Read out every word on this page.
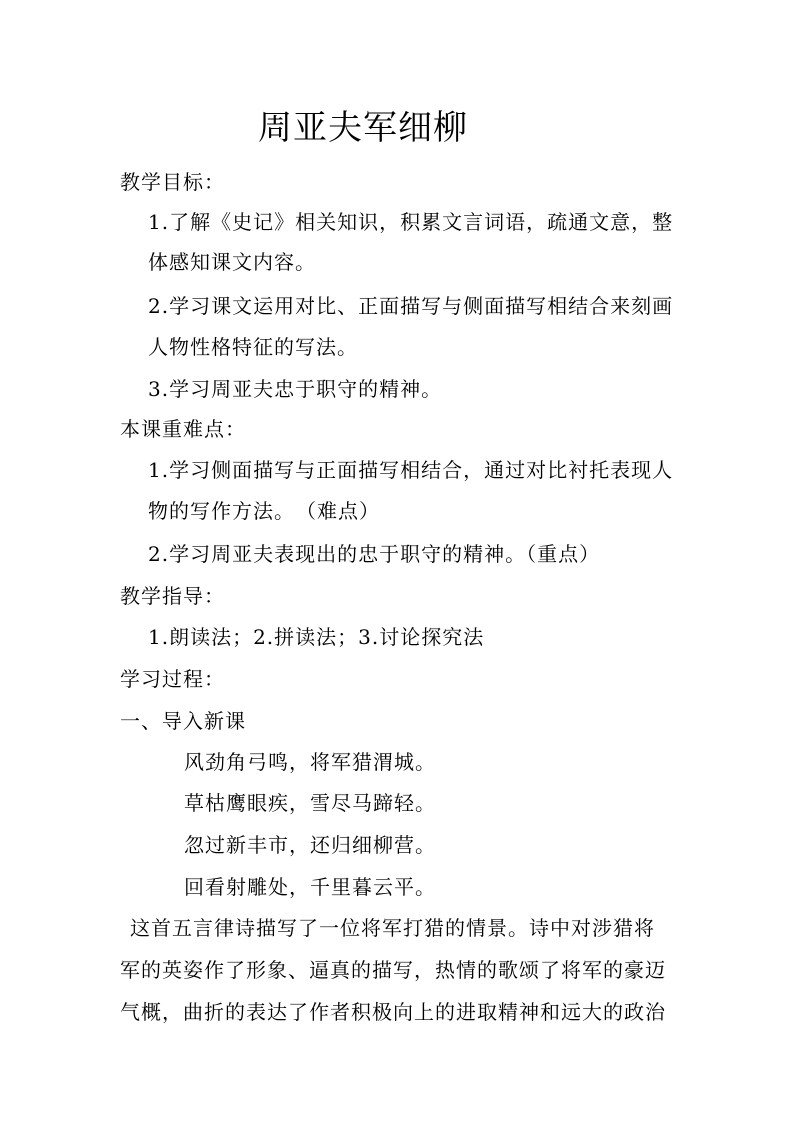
周亚夫军细柳
教学目标：
1.了解《史记》相关知识，积累文言词语，疏通文意，整
体感知课文内容。
2.学习课文运用对比、正面描写与侧面描写相结合来刻画
人物性格特征的写法。
3.学习周亚夫忠于职守的精神。
本课重难点：
1.学习侧面描写与正面描写相结合，通过对比衬托表现人
物的写作方法。　（难点）
2.学习周亚夫表现出的忠于职守的精神。（重点）
教学指导：
1.朗读法；2.拼读法；3.讨论探究法
学习过程：
一、导入新课
风劲角弓鸣，将军猎渭城。
草枯鹰眼疾，雪尽马蹄轻。
忽过新丰市，还归细柳营。
回看射雕处，千里暮云平。
这首五言律诗描写了一位将军打猎的情景。诗中对涉猎将
军的英姿作了形象、逼真的描写，热情的歌颂了将军的豪迈
气概，曲折的表达了作者积极向上的进取精神和远大的政治
